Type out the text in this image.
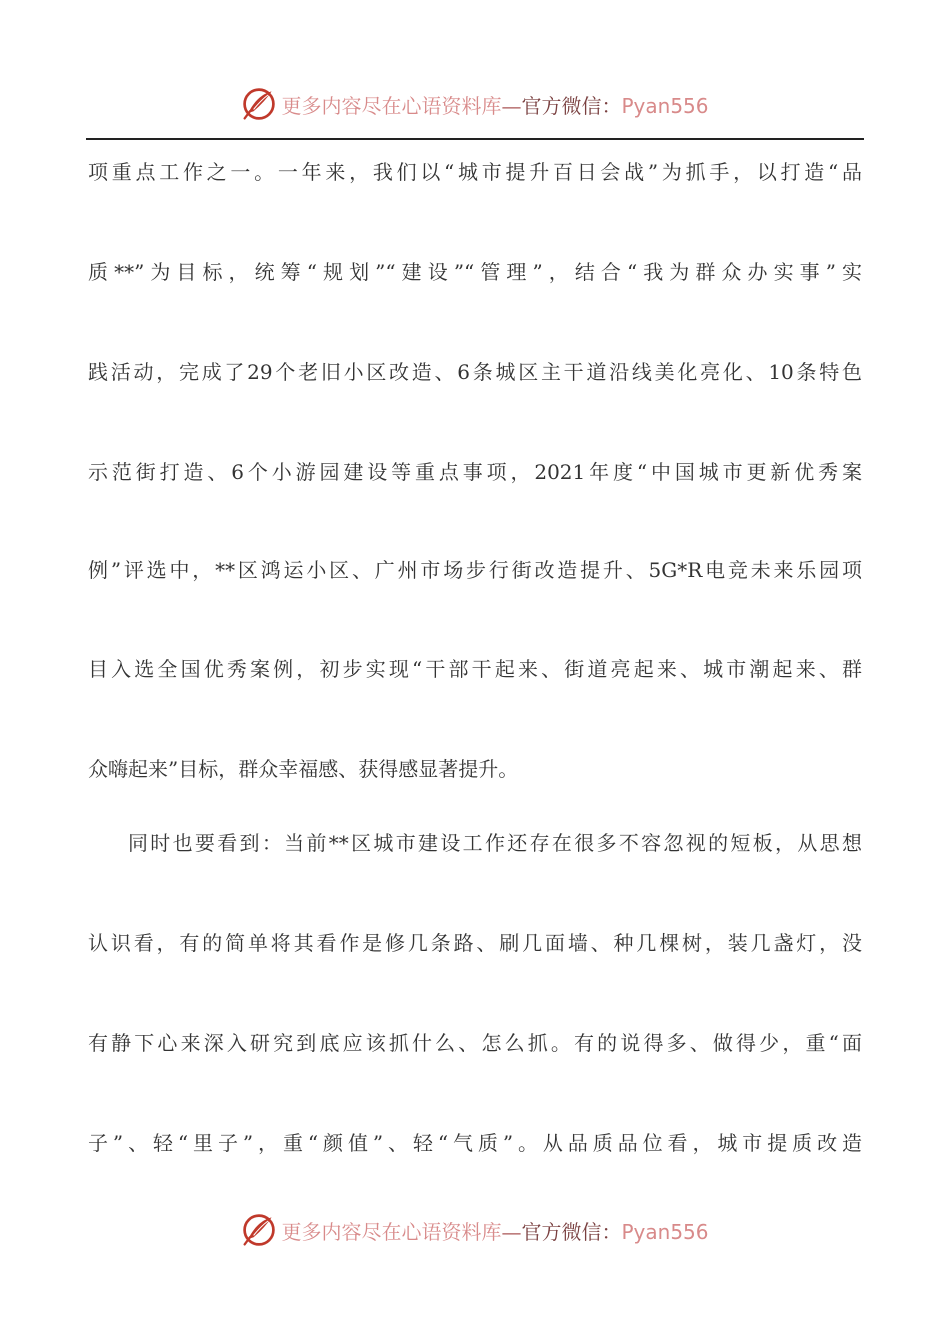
更多内容尽在心语资料库—官方微信：Pyan556
项重点工作之一。一年来，我们以“城市提升百日会战”为抓手，以打造“品
质**”为目标，统筹“规划”“建设”“管理”，结合“我为群众办实事”实
践活动，完成了29个老旧小区改造、6条城区主干道沿线美化亮化、10条特色
示范街打造、6个小游园建设等重点事项，2021年度“中国城市更新优秀案
例”评选中，**区鸿运小区、广州市场步行街改造提升、5G*R电竞未来乐园项
目入选全国优秀案例，初步实现“干部干起来、街道亮起来、城市潮起来、群
众嗨起来”目标，群众幸福感、获得感显著提升。
同时也要看到：当前**区城市建设工作还存在很多不容忽视的短板，从思想
认识看，有的简单将其看作是修几条路、刷几面墙、种几棵树，装几盏灯，没
有静下心来深入研究到底应该抓什么、怎么抓。有的说得多、做得少，重“面
子”、轻“里子”，重“颜值”、轻“气质”。从品质品位看，城市提质改造
更多内容尽在心语资料库—官方微信：Pyan556
